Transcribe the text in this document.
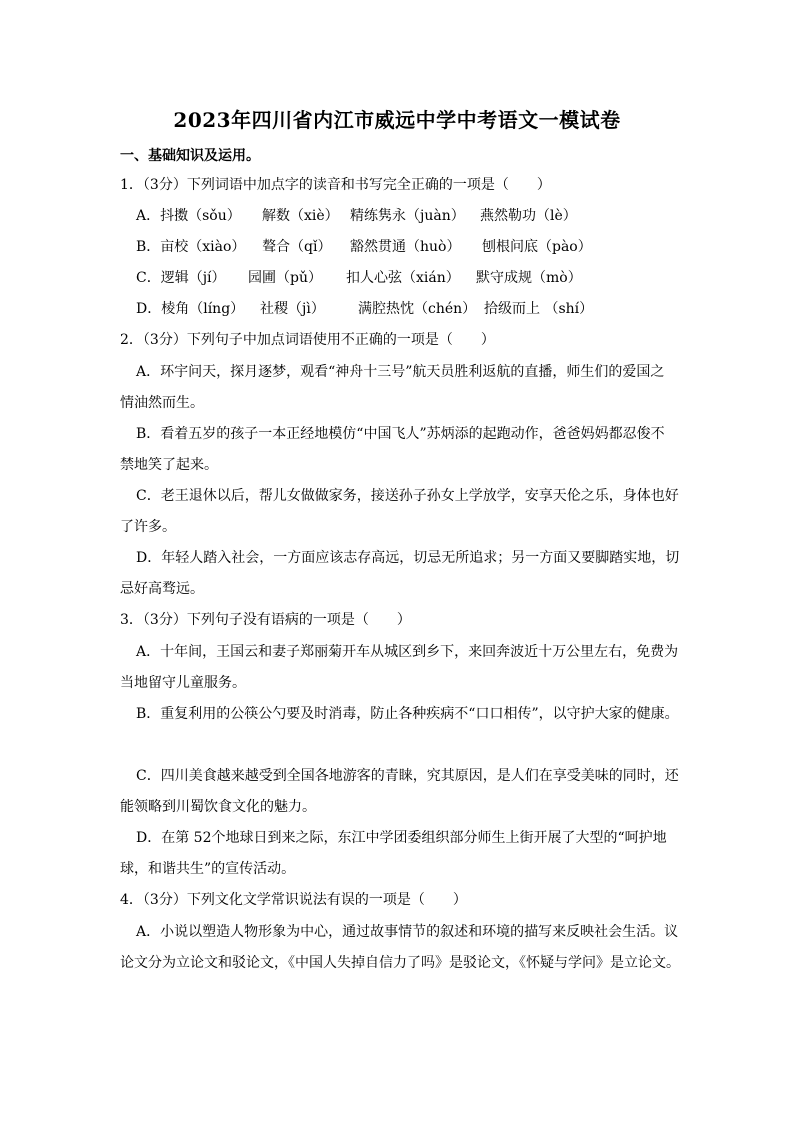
2023年四川省内江市威远中学中考语文一模试卷
一、基础知识及运用。
1．（3分）下列词语中加点字的读音和书写完全正确的一项是（　　）
A．抖擞（sǒu） 解数（xiè） 精练隽永（juàn） 燕然勒功（lè）
B．亩校（xiào） 聱合（qǐ） 豁然贯通（huò） 刨根问底（pào）
C．逻辑（jí） 园圃（pǔ） 扣人心弦（xián） 默守成规（mò）
D．棱角（líng） 社稷（jì） 满腔热忱（chén） 拾级而上 （shí）
2．（3分）下列句子中加点词语使用不正确的一项是（　　）
A．环宇问天，探月逐梦，观看“神舟十三号”航天员胜利返航的直播，师生们的爱国之
情油然而生。
B．看着五岁的孩子一本正经地模仿“中国飞人”苏炳添的起跑动作，爸爸妈妈都忍俊不
禁地笑了起来。
C．老王退休以后，帮儿女做做家务，接送孙子孙女上学放学，安享天伦之乐，身体也好
了许多。
D．年轻人踏入社会，一方面应该志存高远，切忌无所追求；另一方面又要脚踏实地，切
忌好高骛远。
3．（3分）下列句子没有语病的一项是（　　）
A．十年间，王国云和妻子郑丽菊开车从城区到乡下，来回奔波近十万公里左右，免费为
当地留守儿童服务。
B．重复利用的公筷公勺要及时消毒，防止各种疾病不“口口相传”，以守护大家的健康。
C．四川美食越来越受到全国各地游客的青睐，究其原因，是人们在享受美味的同时，还
能领略到川蜀饮食文化的魅力。
D．在第 52个地球日到来之际，东江中学团委组织部分师生上街开展了大型的“呵护地
球，和谐共生”的宣传活动。
4．（3分）下列文化文学常识说法有误的一项是（　　）
A．小说以塑造人物形象为中心，通过故事情节的叙述和环境的描写来反映社会生活。议
论文分为立论文和驳论文，《中国人失掉自信力了吗》是驳论文，《怀疑与学问》是立论文。
